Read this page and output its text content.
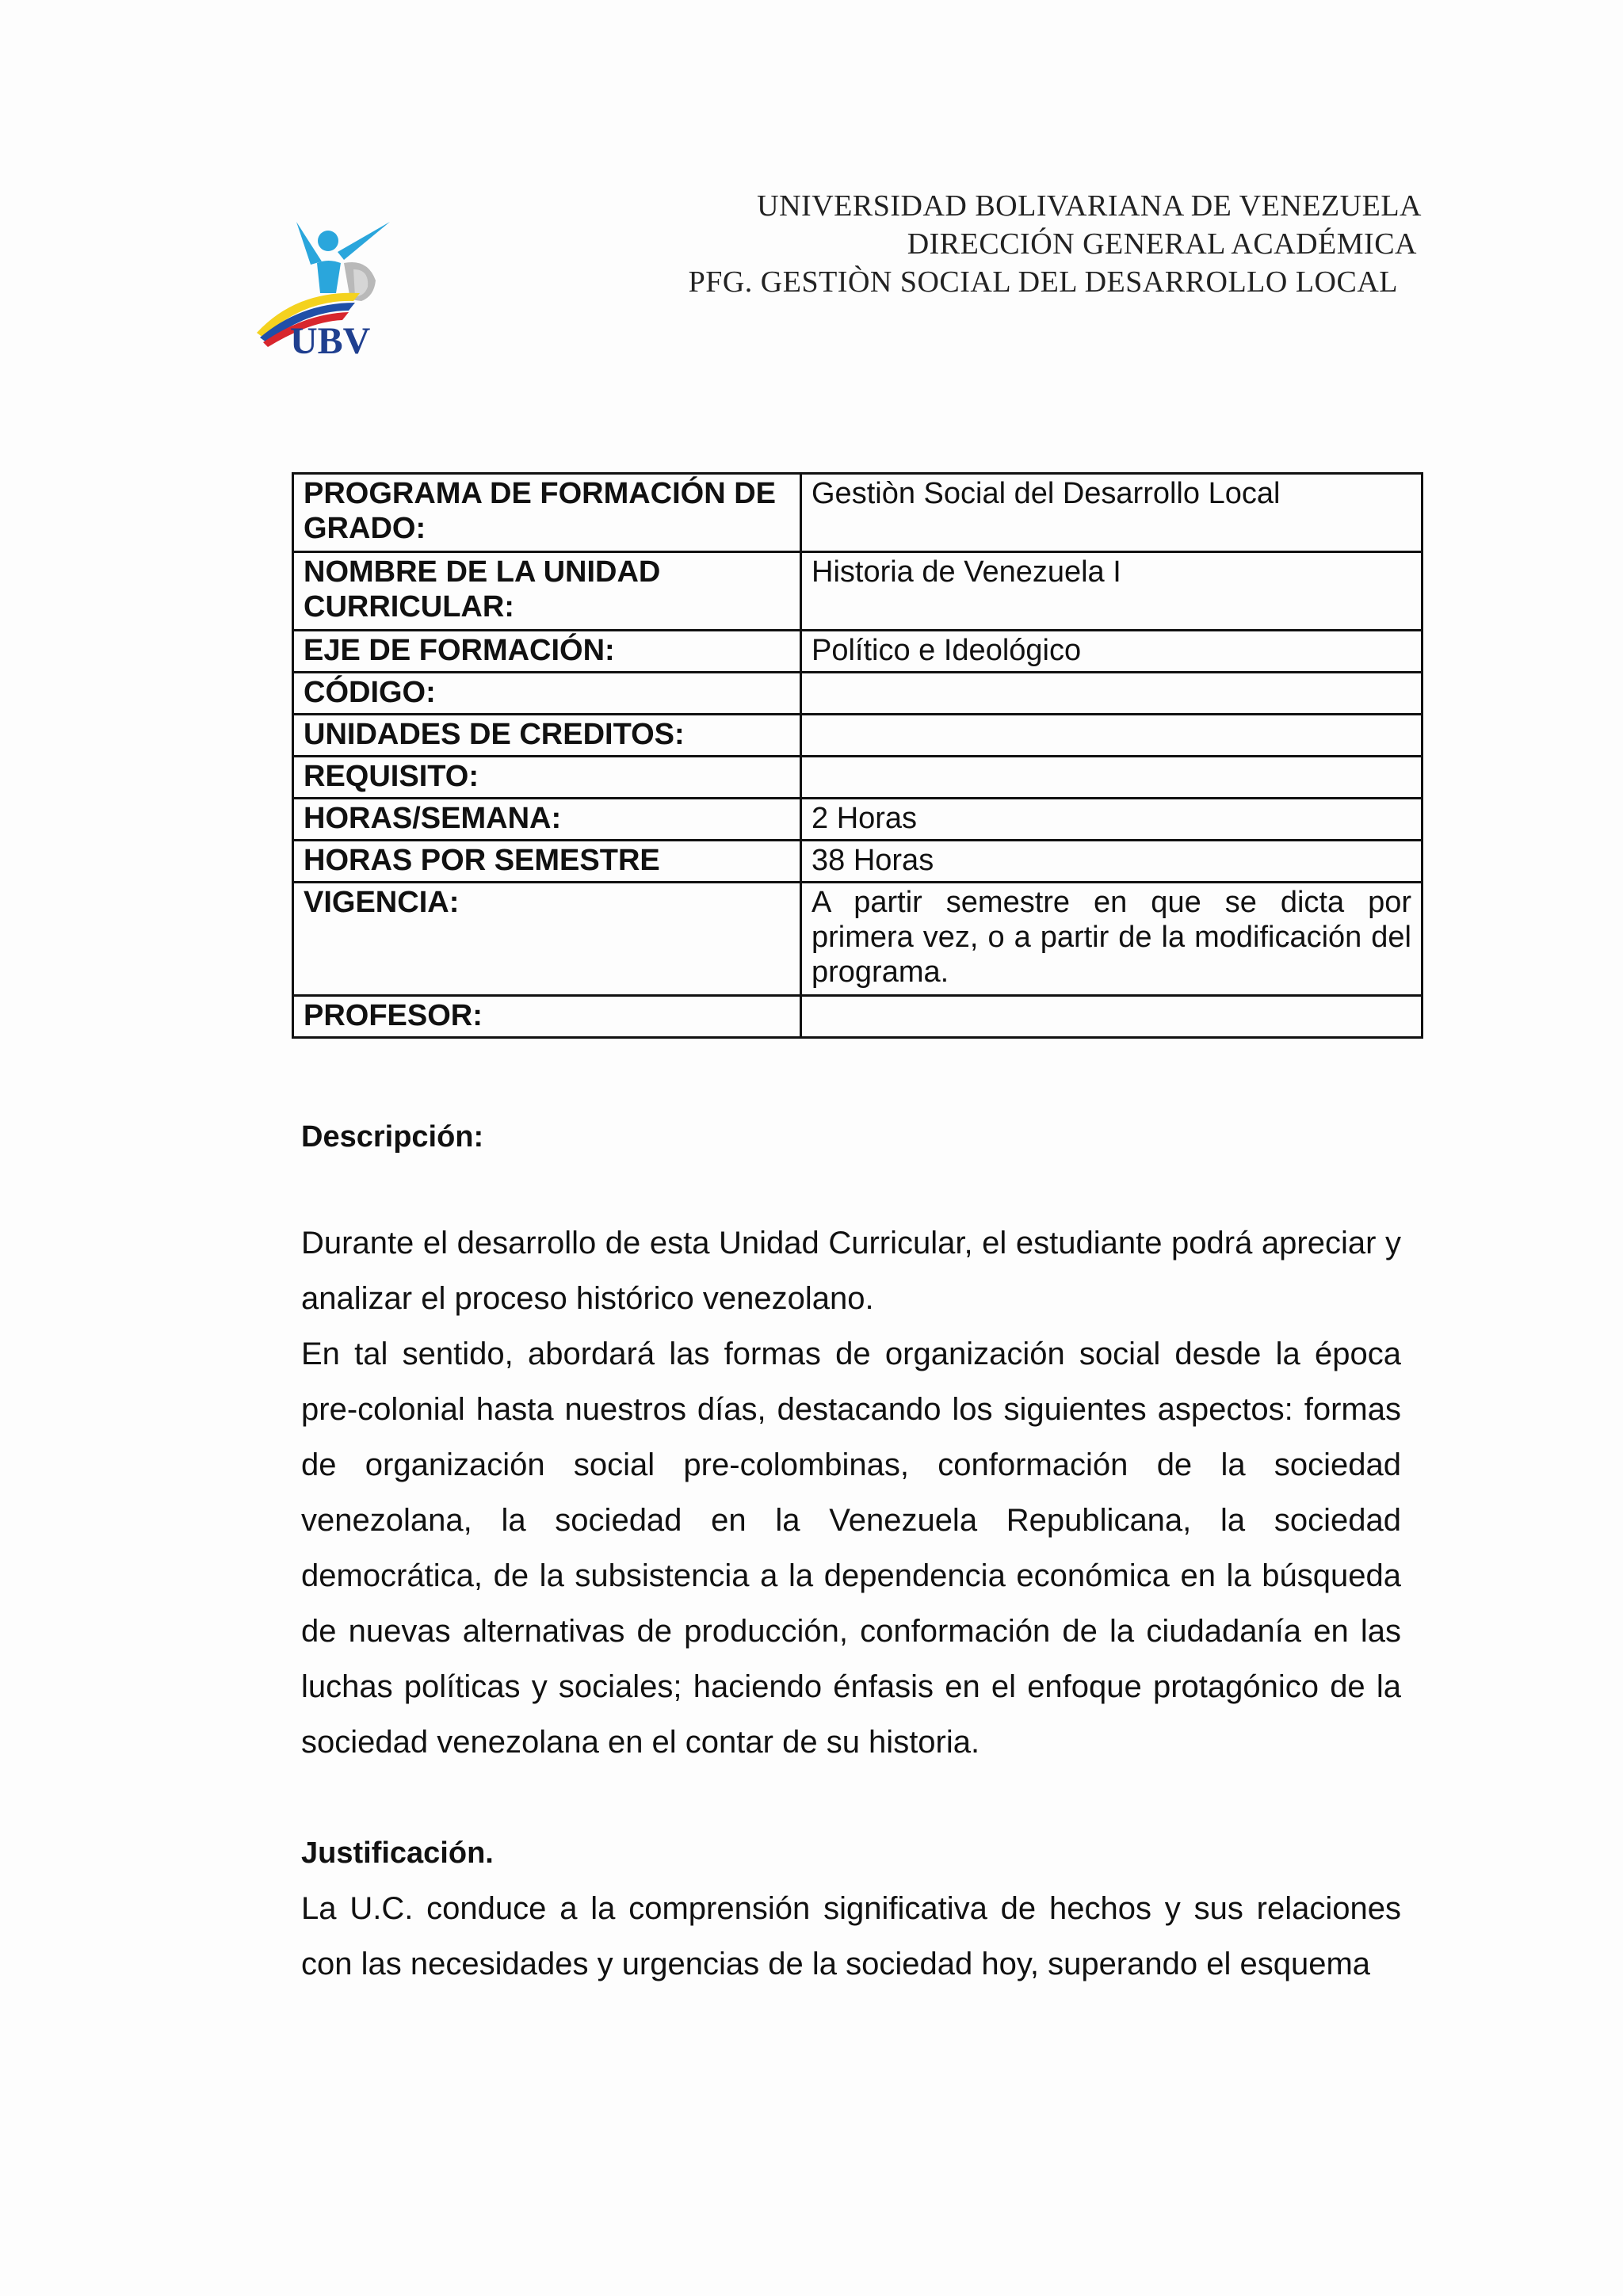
UBV
UNIVERSIDAD BOLIVARIANA DE VENEZUELA
DIRECCIÓN GENERAL ACADÉMICA
PFG. GESTIÒN SOCIAL DEL DESARROLLO LOCAL
PROGRAMA DE FORMACIÓN DE GRADO:	Gestiòn Social del Desarrollo Local
NOMBRE DE LA UNIDAD CURRICULAR:	Historia de Venezuela I
EJE DE FORMACIÓN:	Político e Ideológico
CÓDIGO:	
UNIDADES DE CREDITOS:	
REQUISITO:	
HORAS/SEMANA:	2 Horas
HORAS POR SEMESTRE	38 Horas
VIGENCIA:	A partir semestre en que se dicta por primera vez, o a partir de la modificación del programa.
PROFESOR:	
Descripción:

Durante el desarrollo de esta Unidad Curricular, el estudiante podrá apreciar y analizar el proceso histórico venezolano.

En tal sentido, abordará las formas de organización social desde la época pre-colonial hasta nuestros días, destacando los siguientes aspectos: formas de organización social pre-colombinas, conformación de la sociedad venezolana, la sociedad en la Venezuela Republicana, la sociedad democrática, de la subsistencia a la dependencia económica en la búsqueda de nuevas alternativas de producción, conformación de la ciudadanía en las luchas políticas y sociales; haciendo énfasis en el enfoque protagónico de la sociedad venezolana en el contar de su historia.

Justificación.

La U.C. conduce a la comprensión significativa de hechos y sus relaciones con las necesidades y urgencias de la sociedad hoy, superando el esquema
